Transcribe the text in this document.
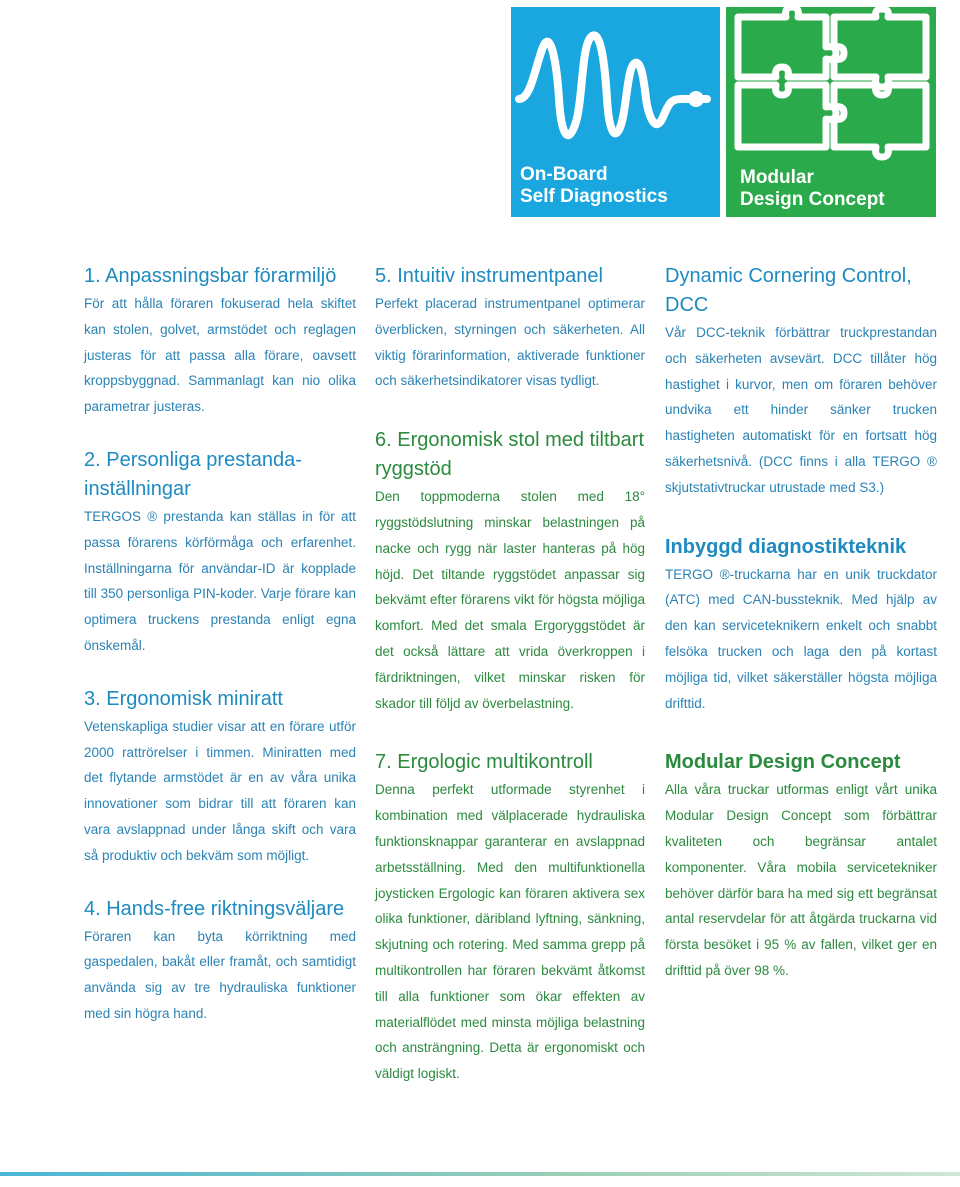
On-Board
Self Diagnostics
Modular
Design Concept
1. Anpassningsbar förarmiljö

För att hålla föraren fokuserad hela skiftet kan stolen, golvet, armstödet och reglagen justeras för att passa alla förare, oavsett kroppsbyggnad. Sammanlagt kan nio olika parametrar justeras.

2. Personliga prestanda-inställningar

TERGOS ® prestanda kan ställas in för att passa förarens körförmåga och erfarenhet. Inställningarna för användar-ID är kopplade till 350 personliga PIN-koder. Varje förare kan optimera truckens prestanda enligt egna önskemål.

3. Ergonomisk miniratt

Vetenskapliga studier visar att en förare utför 2000 rattrörelser i timmen. Miniratten med det flytande armstödet är en av våra unika innovationer som bidrar till att föraren kan vara avslappnad under långa skift och vara så produktiv och bekväm som möjligt.

4. Hands-free riktningsväljare

Föraren kan byta körriktning med gaspedalen, bakåt eller framåt, och samtidigt använda sig av tre hydrauliska funktioner med sin högra hand.

5. Intuitiv instrumentpanel

Perfekt placerad instrumentpanel optimerar överblicken, styrningen och säkerheten. All viktig förarinformation, aktiverade funktioner och säkerhetsindikatorer visas tydligt.

6. Ergonomisk stol med tiltbart ryggstöd

Den toppmoderna stolen med 18° ryggstödslutning minskar belastningen på nacke och rygg när laster hanteras på hög höjd. Det tiltande ryggstödet anpassar sig bekvämt efter förarens vikt för högsta möjliga komfort. Med det smala Ergoryggstödet är det också lättare att vrida överkroppen i färdriktningen, vilket minskar risken för skador till följd av överbelastning.

7. Ergologic multikontroll

Denna perfekt utformade styrenhet i kombination med välplacerade hydrauliska funktionsknappar garanterar en avslappnad arbetsställning. Med den multifunktionella joysticken Ergologic kan föraren aktivera sex olika funktioner, däribland lyftning, sänkning, skjutning och rotering. Med samma grepp på multikontrollen har föraren bekvämt åtkomst till alla funktioner som ökar effekten av materialflödet med minsta möjliga belastning och ansträngning. Detta är ergonomiskt och väldigt logiskt.

Dynamic Cornering Control, DCC

Vår DCC-teknik förbättrar truckprestandan och säkerheten avsevärt. DCC tillåter hög hastighet i kurvor, men om föraren behöver undvika ett hinder sänker trucken hastigheten automatiskt för en fortsatt hög säkerhetsnivå. (DCC finns i alla TERGO ® skjutstativtruckar utrustade med S3.)

Inbyggd diagnostikteknik

TERGO ®-truckarna har en unik truckdator (ATC) med CAN-bussteknik. Med hjälp av den kan serviceteknikern enkelt och snabbt felsöka trucken och laga den på kortast möjliga tid, vilket säkerställer högsta möjliga drifttid.

Modular Design Concept

Alla våra truckar utformas enligt vårt unika Modular Design Concept som förbättrar kvaliteten och begränsar antalet komponenter. Våra mobila servicetekniker behöver därför bara ha med sig ett begränsat antal reservdelar för att åtgärda truckarna vid första besöket i 95 % av fallen, vilket ger en drifttid på över 98 %.
